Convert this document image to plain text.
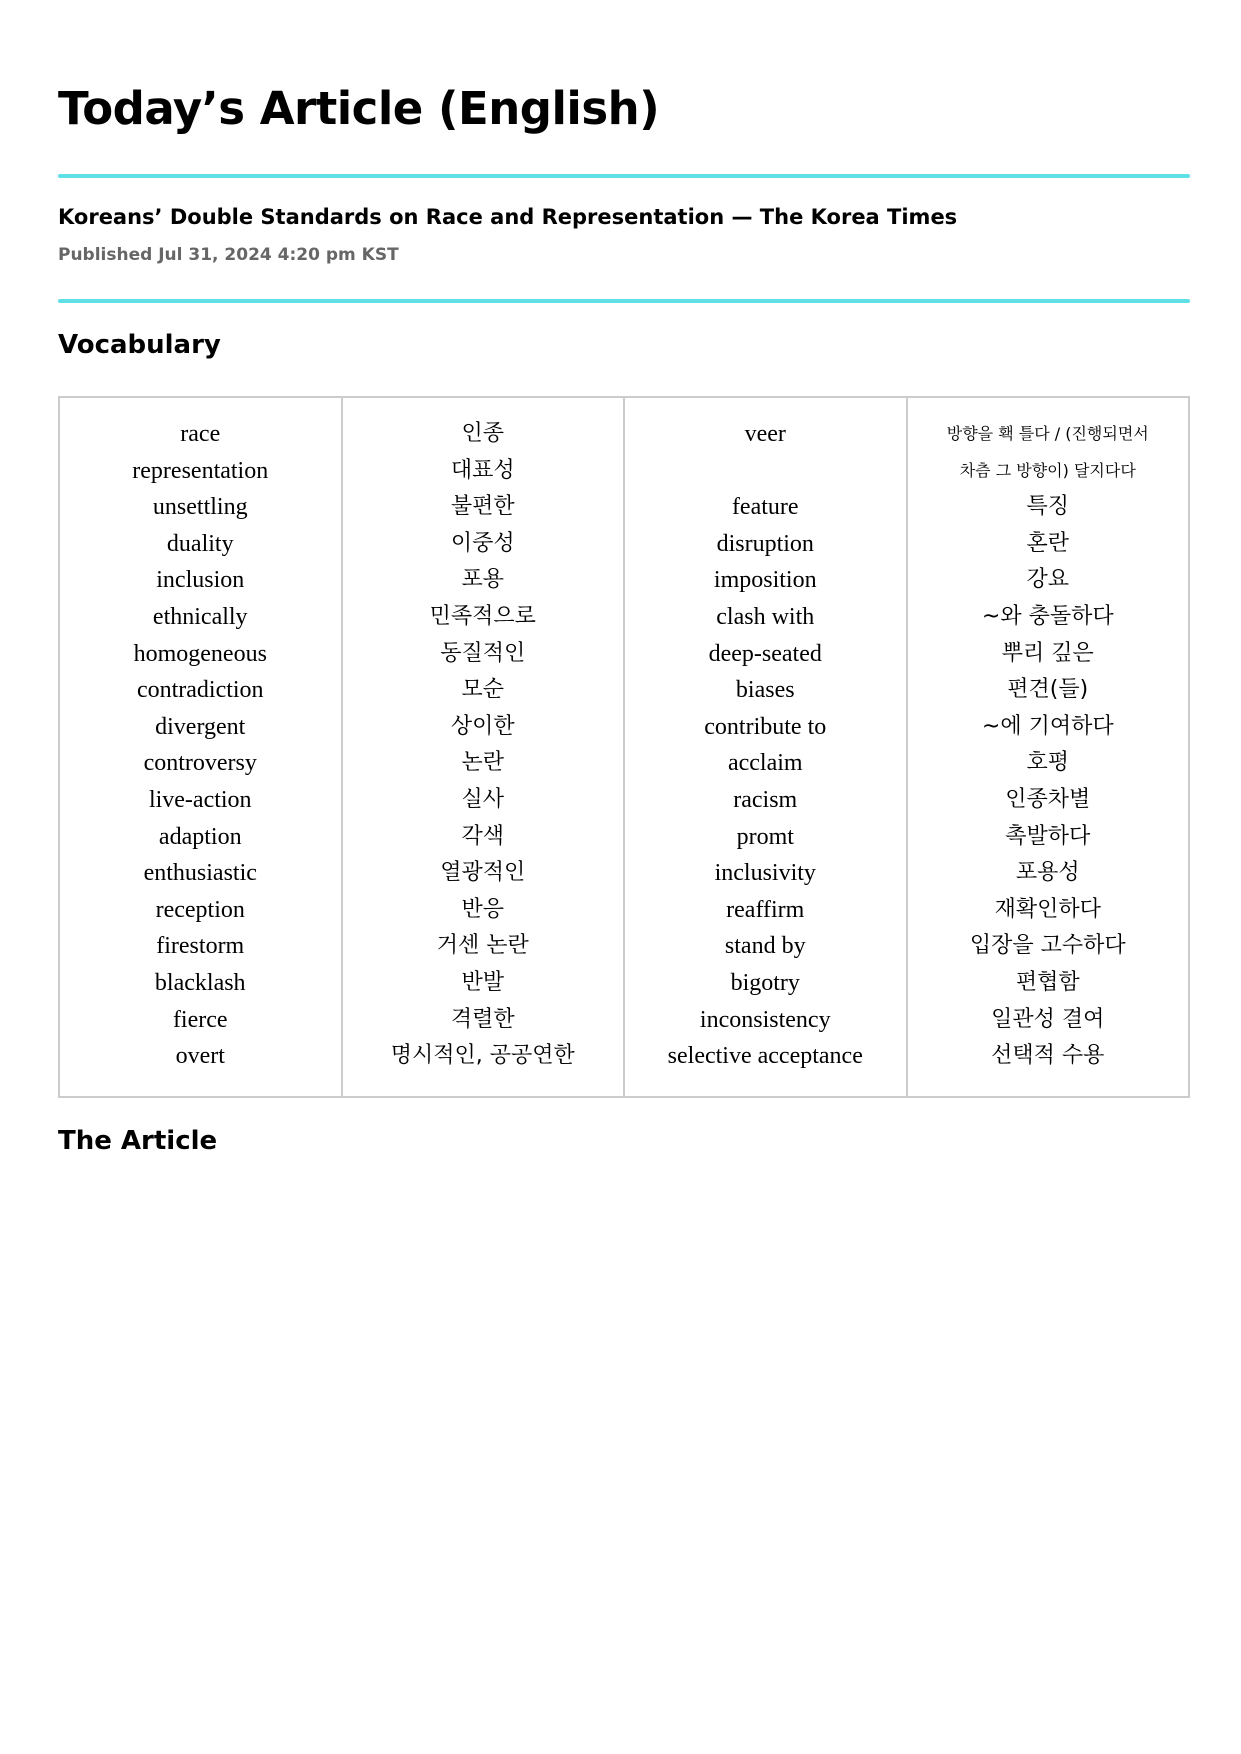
Today’s Article (English)
Koreans’ Double Standards on Race and Representation — The Korea Times
Published Jul 31, 2024 4:20 pm KST
Vocabulary
race
representation
unsettling
duality
inclusion
ethnically
homogeneous
contradiction
divergent
controversy
live-action
adaption
enthusiastic
reception
firestorm
blacklash
fierce
overt
인종
대표성
불편한
이중성
포용
민족적으로
동질적인
모순
상이한
논란
실사
각색
열광적인
반응
거센 논란
반발
격렬한
명시적인, 공공연한
veer
feature
disruption
imposition
clash with
deep-seated
biases
contribute to
acclaim
racism
promt
inclusivity
reaffirm
stand by
bigotry
inconsistency
selective acceptance
방향을 홱 틀다 / (진행되면서
차츰 그 방향이) 달지다다
특징
혼란
강요
~와 충돌하다
뿌리 깊은
편견(들)
~에 기여하다
호평
인종차별
촉발하다
포용성
재확인하다
입장을 고수하다
편협함
일관성 결여
선택적 수용
The Article
